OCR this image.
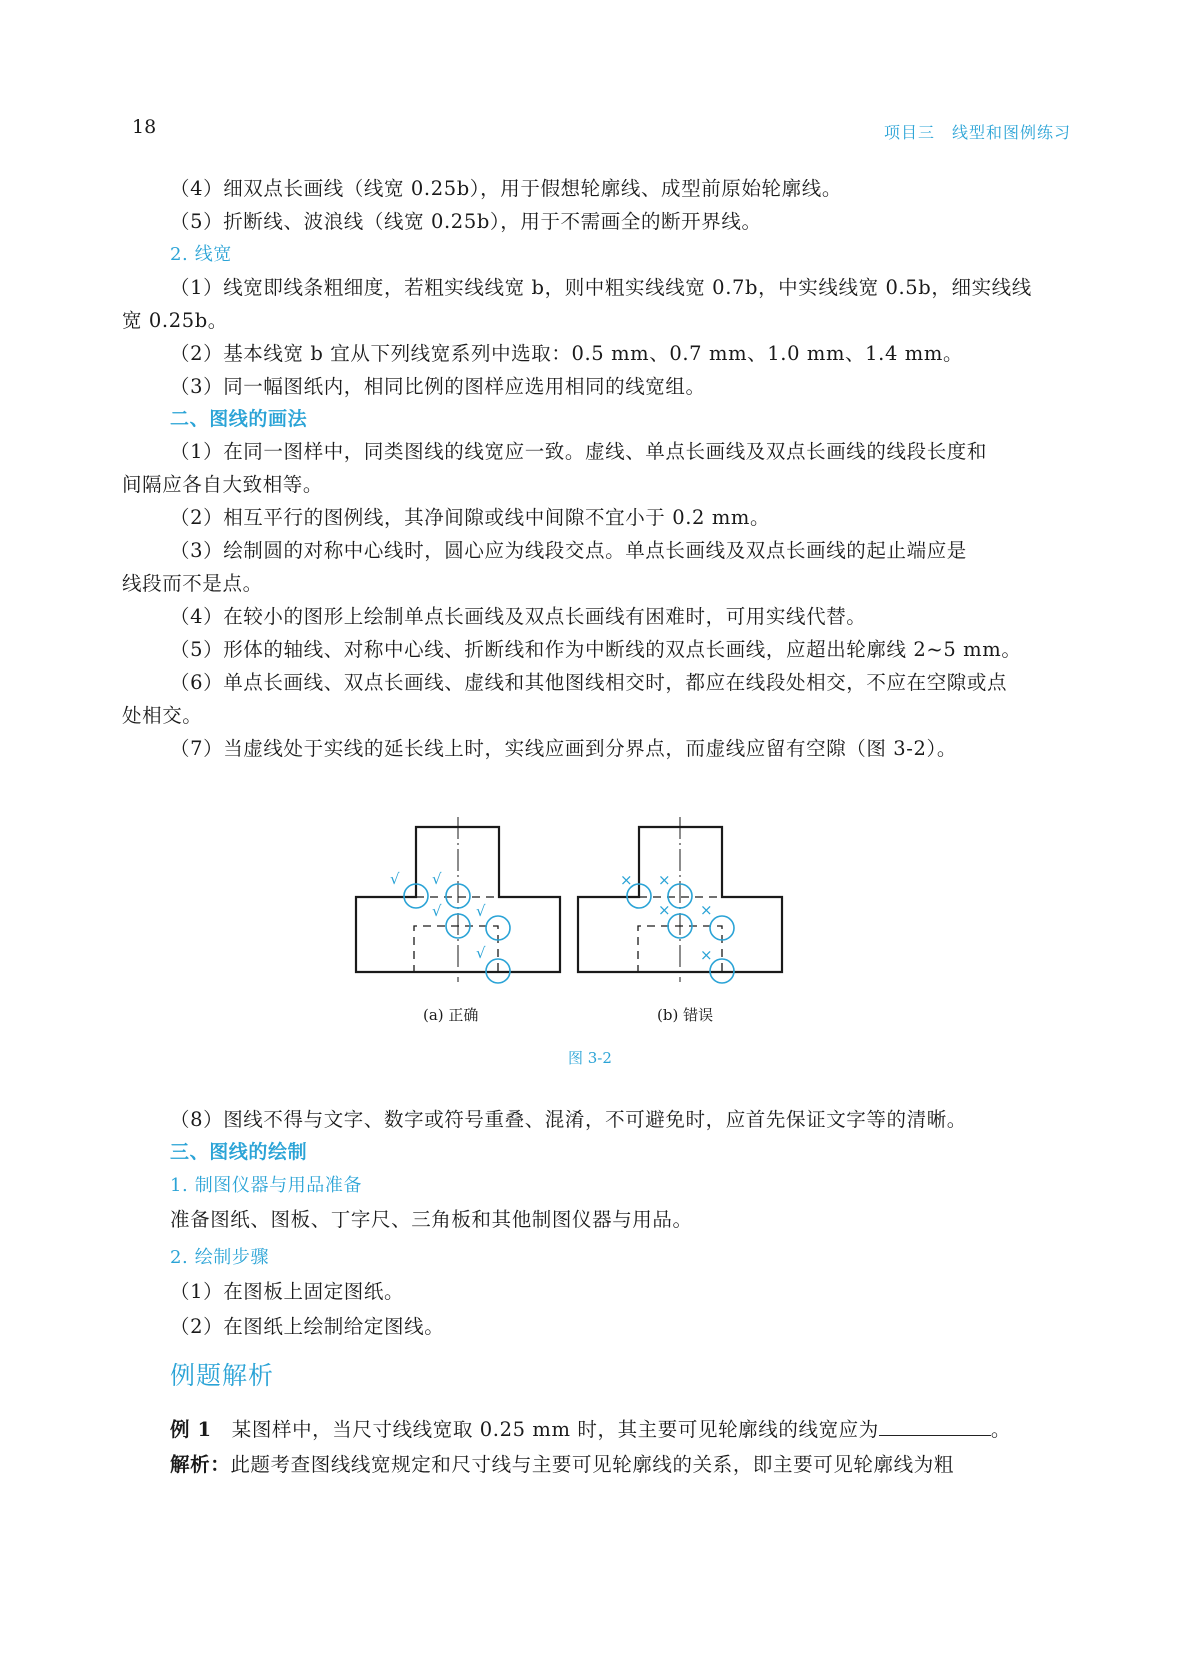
18	项目三　线型和图例练习
（4）细双点长画线（线宽 0.25b），用于假想轮廓线、成型前原始轮廓线。
（5）折断线、波浪线（线宽 0.25b），用于不需画全的断开界线。
2. 线宽
（1）线宽即线条粗细度，若粗实线线宽 b，则中粗实线线宽 0.7b，中实线线宽 0.5b，细实线线
宽 0.25b。
（2）基本线宽 b 宜从下列线宽系列中选取：0.5 mm、0.7 mm、1.0 mm、1.4 mm。
（3）同一幅图纸内，相同比例的图样应选用相同的线宽组。
二、图线的画法
（1）在同一图样中，同类图线的线宽应一致。虚线、单点长画线及双点长画线的线段长度和
间隔应各自大致相等。
（2）相互平行的图例线，其净间隙或线中间隙不宜小于 0.2 mm。
（3）绘制圆的对称中心线时，圆心应为线段交点。单点长画线及双点长画线的起止端应是
线段而不是点。
（4）在较小的图形上绘制单点长画线及双点长画线有困难时，可用实线代替。
（5）形体的轴线、对称中心线、折断线和作为中断线的双点长画线，应超出轮廓线 2~5 mm。
（6）单点长画线、双点长画线、虚线和其他图线相交时，都应在线段处相交，不应在空隙或点
处相交。
（7）当虚线处于实线的延长线上时，实线应画到分界点，而虚线应留有空隙（图 3-2）。
√ √
√ √
√
× ×
× ×
×
(a) 正确	(b) 错误
图 3-2
（8）图线不得与文字、数字或符号重叠、混淆，不可避免时，应首先保证文字等的清晰。
三、图线的绘制
1. 制图仪器与用品准备
准备图纸、图板、丁字尺、三角板和其他制图仪器与用品。
2. 绘制步骤
（1）在图板上固定图纸。
（2）在图纸上绘制给定图线。
例题解析
例 1　某图样中，当尺寸线线宽取 0.25 mm 时，其主要可见轮廓线的线宽应为	。
解析：此题考查图线线宽规定和尺寸线与主要可见轮廓线的关系，即主要可见轮廓线为粗
